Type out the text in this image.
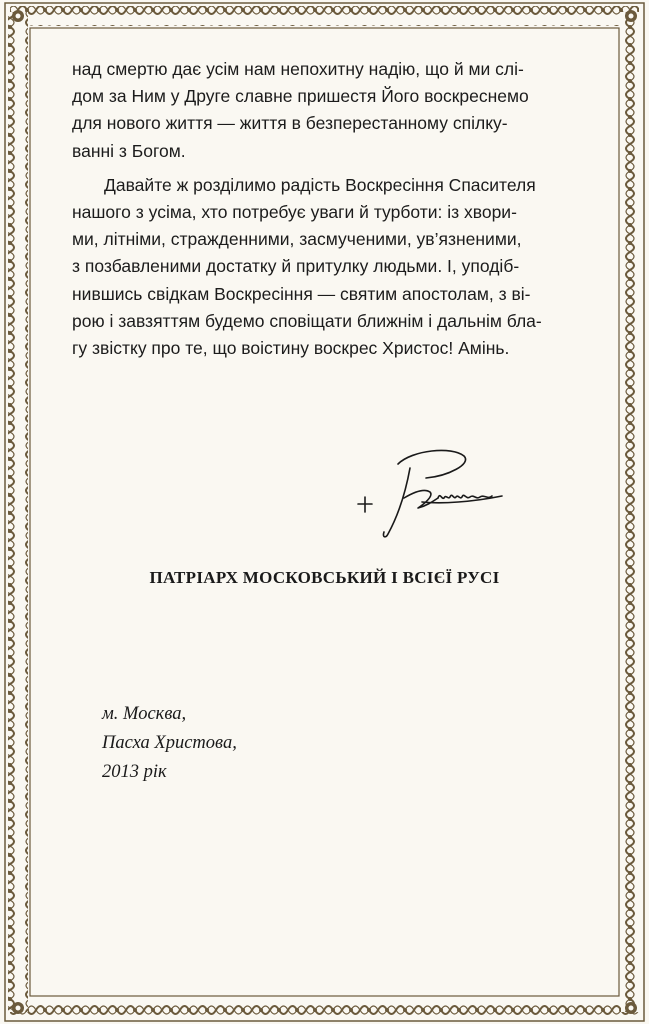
над смертю дає усім нам непохитну надію, що й ми слі-
дом за Ним у Друге славне пришестя Його воскреснемо
для нового життя — життя в безперестанному спілку-
ванні з Богом.

Давайте ж розділимо радість Воскресіння Спасителя
нашого з усіма, хто потребує уваги й турботи: із хвори-
ми, літніми, стражденними, засмученими, ув’язненими,
з позбавленими достатку й притулку людьми. І, уподіб-
нившись свідкам Воскресіння — святим апостолам, з ві-
рою і завзяттям будемо сповіщати ближнім і дальнім бла-
гу звістку про те, що воістину воскрес Христос! Амінь.

ПАТРІАРХ МОСКОВСЬКИЙ І ВСІЄЇ РУСІ
м. Москва,
Пасха Христова,
2013 рік
